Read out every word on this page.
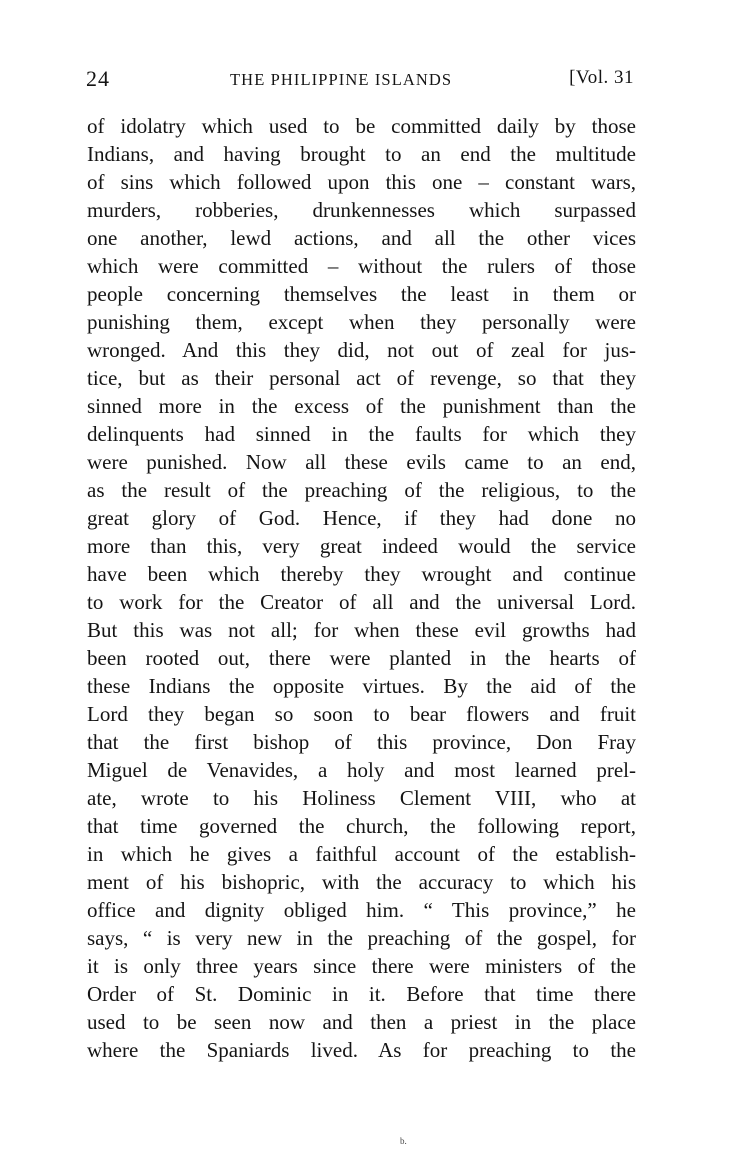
24	THE PHILIPPINE ISLANDS	[Vol. 31
of idolatry which used to be committed daily by those
Indians, and having brought to an end the multitude
of sins which followed upon this one – constant wars,
murders, robberies, drunkennesses which surpassed
one another, lewd actions, and all the other vices
which were committed – without the rulers of those
people concerning themselves the least in them or
punishing them, except when they personally were
wronged. And this they did, not out of zeal for jus-
tice, but as their personal act of revenge, so that they
sinned more in the excess of the punishment than the
delinquents had sinned in the faults for which they
were punished. Now all these evils came to an end,
as the result of the preaching of the religious, to the
great glory of God. Hence, if they had done no
more than this, very great indeed would the service
have been which thereby they wrought and continue
to work for the Creator of all and the universal Lord.
But this was not all; for when these evil growths had
been rooted out, there were planted in the hearts of
these Indians the opposite virtues. By the aid of the
Lord they began so soon to bear flowers and fruit
that the first bishop of this province, Don Fray
Miguel de Venavides, a holy and most learned prel-
ate, wrote to his Holiness Clement VIII, who at
that time governed the church, the following report,
in which he gives a faithful account of the establish-
ment of his bishopric, with the accuracy to which his
office and dignity obliged him. “ This province,” he
says, “ is very new in the preaching of the gospel, for
it is only three years since there were ministers of the
Order of St. Dominic in it. Before that time there
used to be seen now and then a priest in the place
where the Spaniards lived. As for preaching to the
b.
